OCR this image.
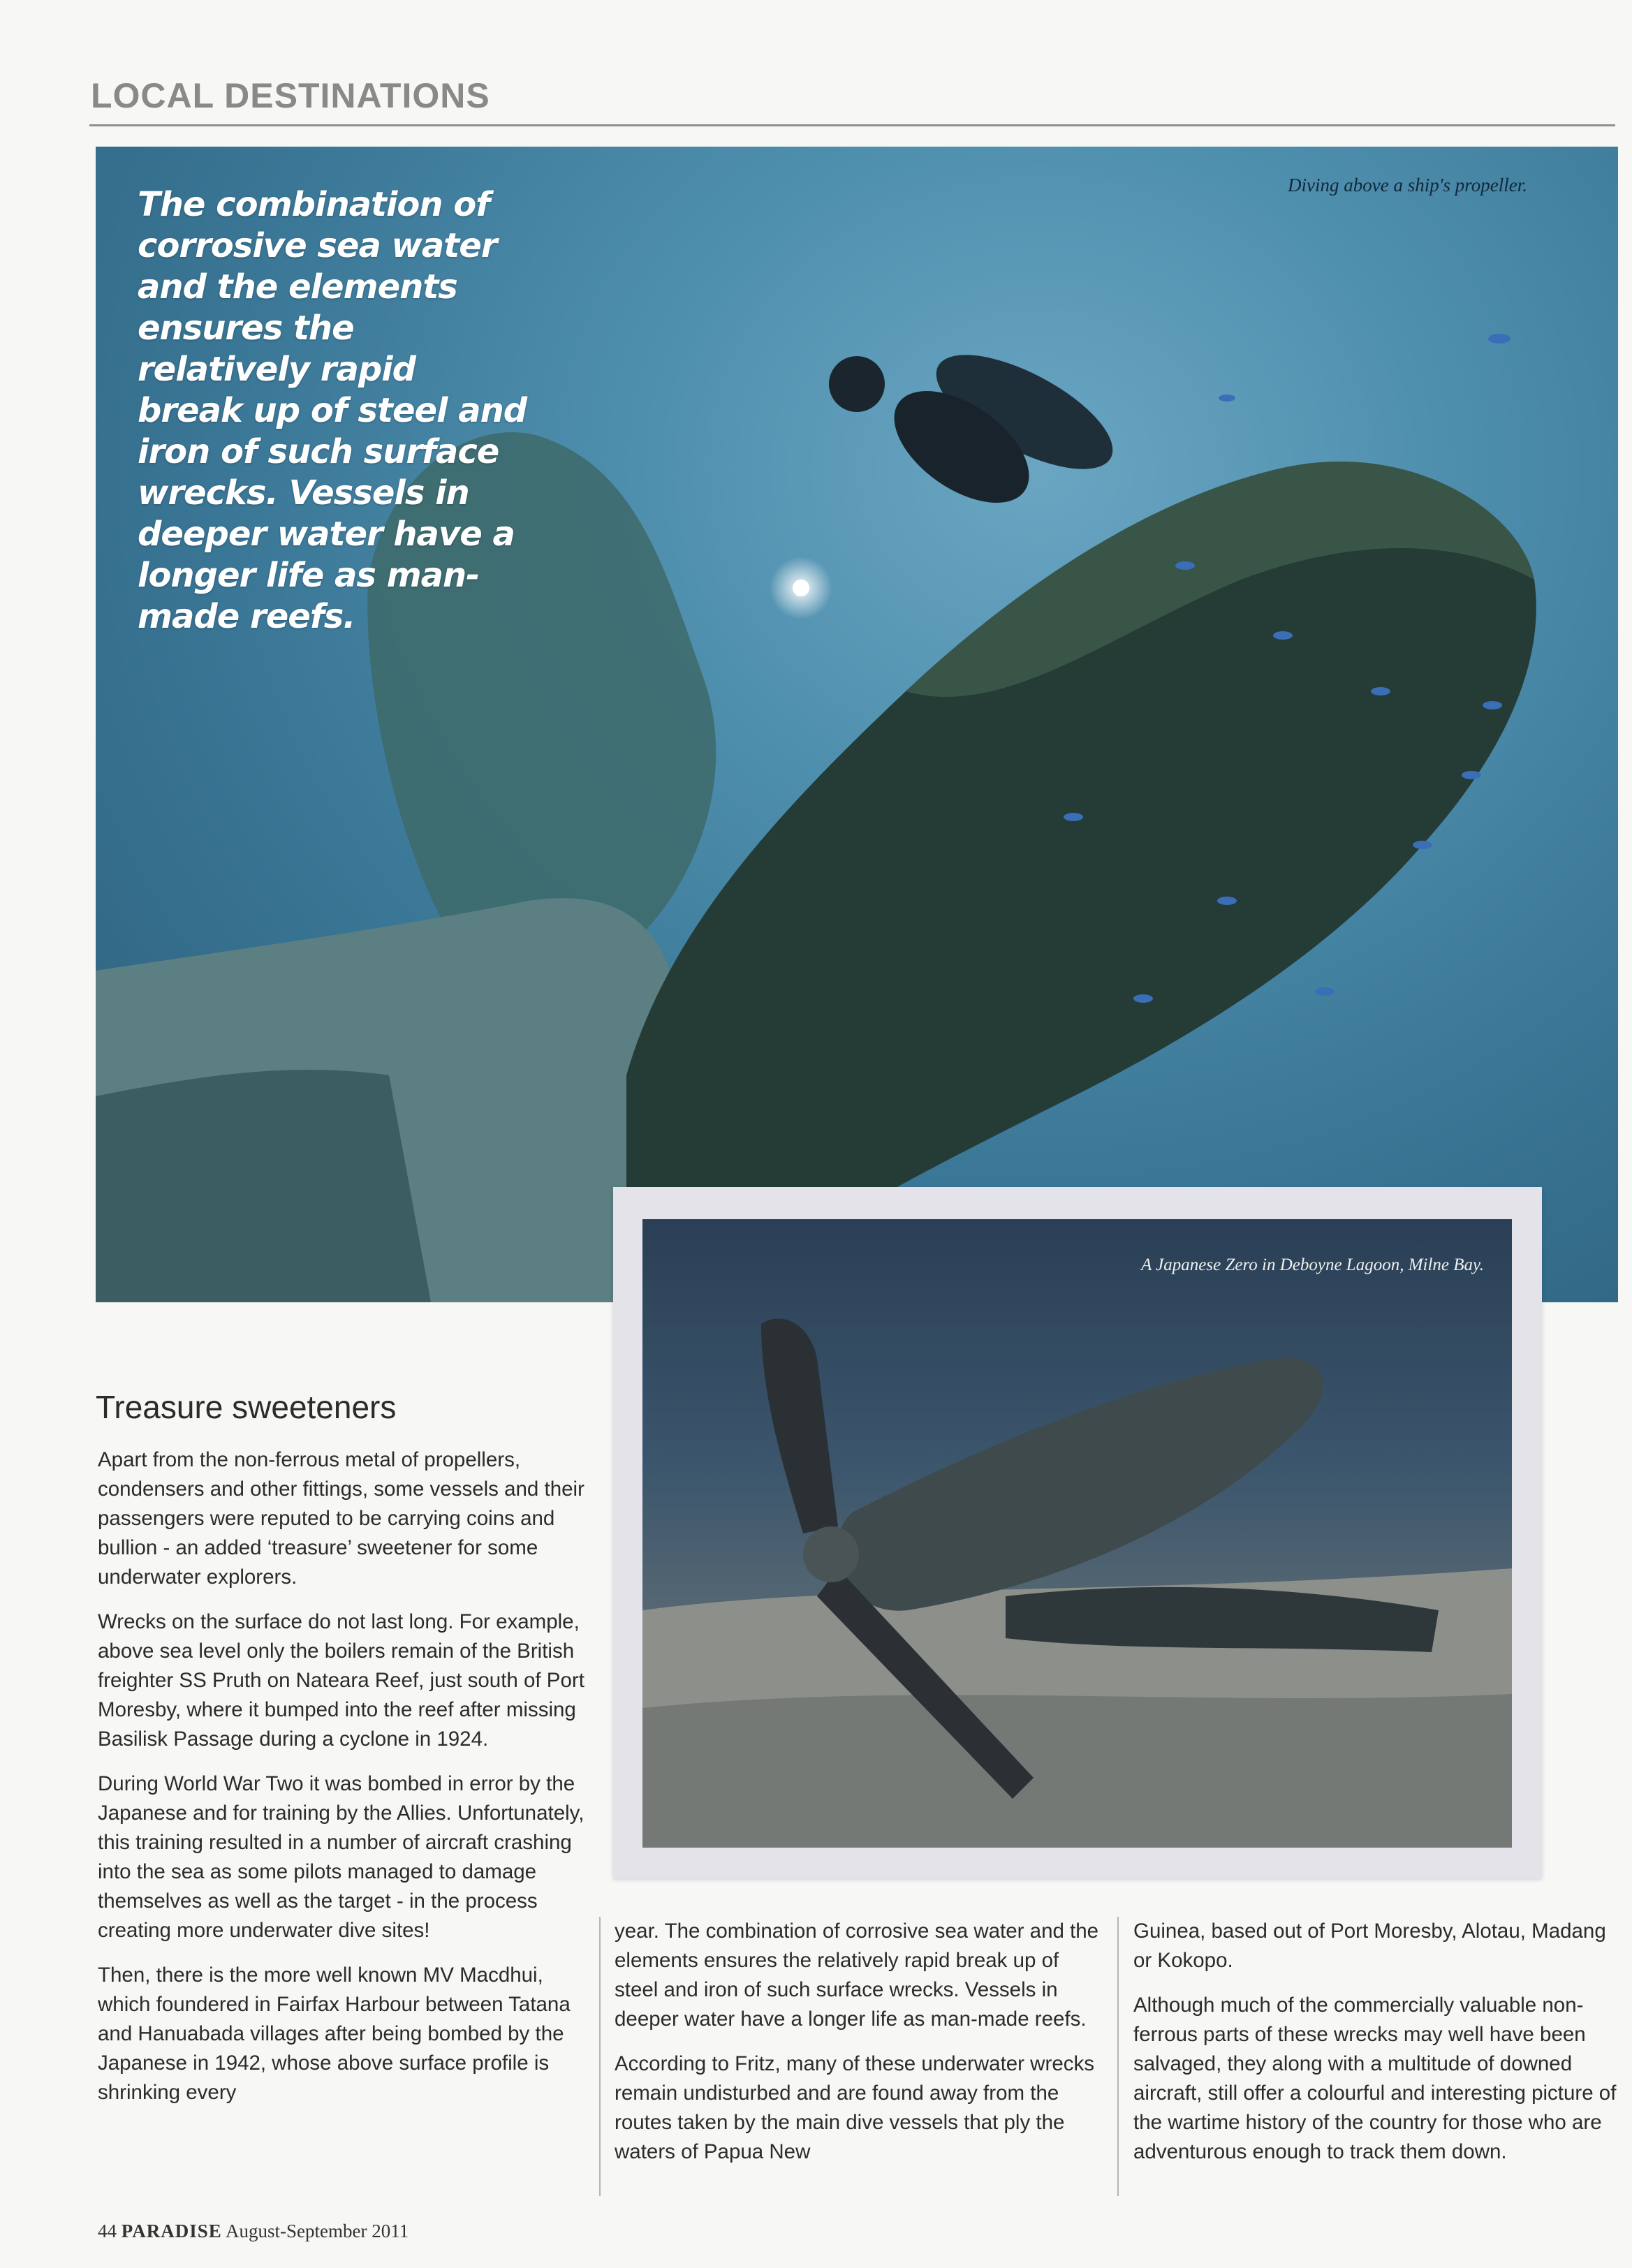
LOCAL DESTINATIONS
The combination of corrosive sea water and the elements ensures the relatively rapid break up of steel and iron of such surface wrecks. Vessels in deeper water have a longer life as man-made reefs.
Diving above a ship's propeller.
A Japanese Zero in Deboyne Lagoon, Milne Bay.
Treasure sweeteners

Apart from the non-ferrous metal of propellers, condensers and other fittings, some vessels and their passengers were reputed to be carrying coins and bullion - an added ‘treasure’ sweetener for some underwater explorers.

Wrecks on the surface do not last long. For example, above sea level only the boilers remain of the British freighter SS Pruth on Nateara Reef, just south of Port Moresby, where it bumped into the reef after missing Basilisk Passage during a cyclone in 1924.

During World War Two it was bombed in error by the Japanese and for training by the Allies. Unfortunately, this training resulted in a number of aircraft crashing into the sea as some pilots managed to damage themselves as well as the target - in the process creating more underwater dive sites!

Then, there is the more well known MV Macdhui, which foundered in Fairfax Harbour between Tatana and Hanuabada villages after being bombed by the Japanese in 1942, whose above surface profile is shrinking every

year. The combination of corrosive sea water and the elements ensures the relatively rapid break up of steel and iron of such surface wrecks. Vessels in deeper water have a longer life as man-made reefs.

According to Fritz, many of these underwater wrecks remain undisturbed and are found away from the routes taken by the main dive vessels that ply the waters of Papua New

Guinea, based out of Port Moresby, Alotau, Madang or Kokopo.

Although much of the commercially valuable non-ferrous parts of these wrecks may well have been salvaged, they along with a multitude of downed aircraft, still offer a colourful and interesting picture of the wartime history of the country for those who are adventurous enough to track them down.

44 PARADISE August-September 2011
